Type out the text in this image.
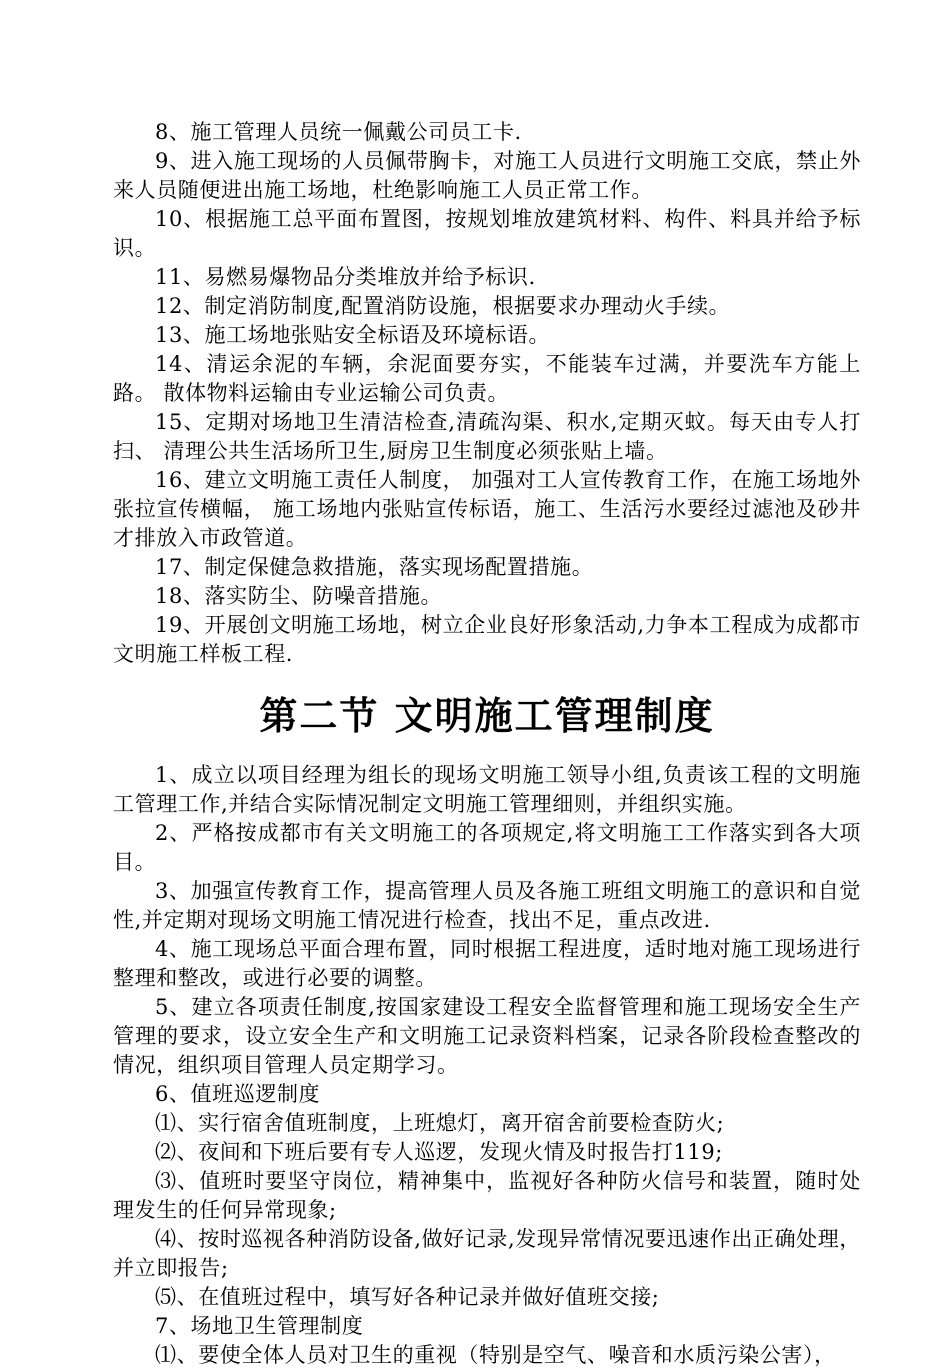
8、施工管理人员统一佩戴公司员工卡.

9、进入施工现场的人员佩带胸卡，对施工人员进行文明施工交底，禁止外来人员随便进出施工场地，杜绝影响施工人员正常工作。

10、根据施工总平面布置图，按规划堆放建筑材料、构件、料具并给予标识。

11、易燃易爆物品分类堆放并给予标识.

12、制定消防制度,配置消防设施，根据要求办理动火手续。

13、施工场地张贴安全标语及环境标语。

14、清运余泥的车辆，余泥面要夯实，不能装车过满，并要洗车方能上路。 散体物料运输由专业运输公司负责。

15、定期对场地卫生清洁检查,清疏沟渠、积水,定期灭蚊。每天由专人打扫、 清理公共生活场所卫生,厨房卫生制度必须张贴上墙。

16、建立文明施工责任人制度， 加强对工人宣传教育工作，在施工场地外张拉宣传横幅， 施工场地内张贴宣传标语，施工、生活污水要经过滤池及砂井才排放入市政管道。

17、制定保健急救措施，落实现场配置措施。

18、落实防尘、防噪音措施。

19、开展创文明施工场地，树立企业良好形象活动,力争本工程成为成都市文明施工样板工程.

第二节 文明施工管理制度

1、成立以项目经理为组长的现场文明施工领导小组,负责该工程的文明施工管理工作,并结合实际情况制定文明施工管理细则，并组织实施。

2、严格按成都市有关文明施工的各项规定,将文明施工工作落实到各大项目。

3、加强宣传教育工作，提高管理人员及各施工班组文明施工的意识和自觉性,并定期对现场文明施工情况进行检查，找出不足，重点改进.

4、施工现场总平面合理布置，同时根据工程进度，适时地对施工现场进行整理和整改，或进行必要的调整。

5、建立各项责任制度,按国家建设工程安全监督管理和施工现场安全生产管理的要求，设立安全生产和文明施工记录资料档案，记录各阶段检查整改的情况，组织项目管理人员定期学习。

6、值班巡逻制度

⑴、实行宿舍值班制度，上班熄灯，离开宿舍前要检查防火;

⑵、夜间和下班后要有专人巡逻，发现火情及时报告打119;

⑶、值班时要坚守岗位，精神集中，监视好各种防火信号和装置，随时处理发生的任何异常现象;

⑷、按时巡视各种消防设备,做好记录,发现异常情况要迅速作出正确处理，并立即报告;

⑸、在值班过程中，填写好各种记录并做好值班交接;

7、场地卫生管理制度

⑴、要使全体人员对卫生的重视（特别是空气、噪音和水质污染公害），
